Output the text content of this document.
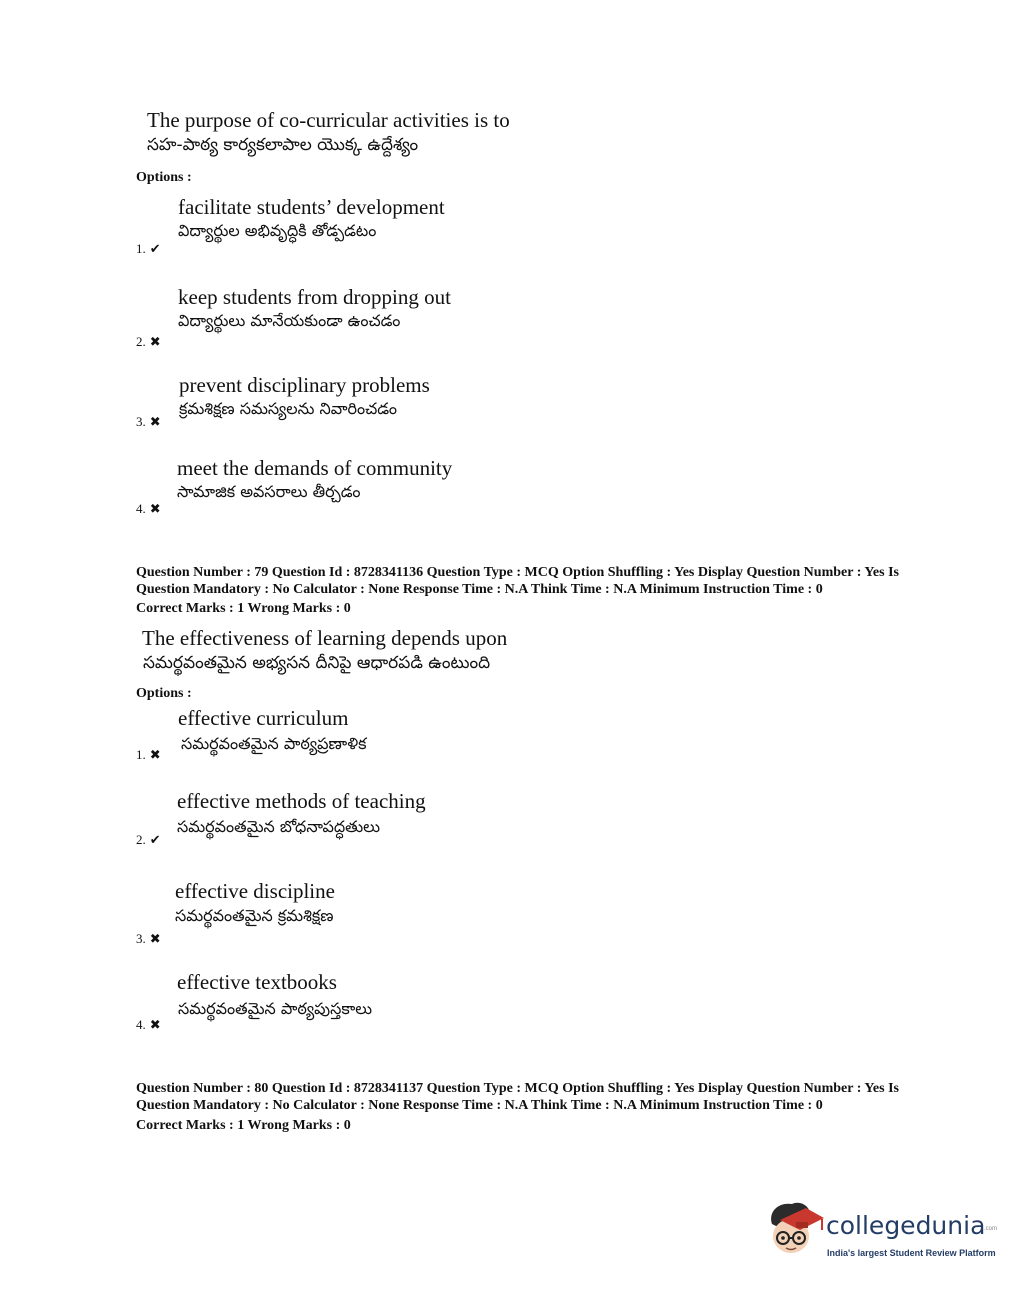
The purpose of co-curricular activities is to
సహ-పాఠ్య కార్యకలాపాల యొక్క ఉద్దేశ్యం
Options :
facilitate students’ development
విద్యార్థుల అభివృద్ధికి తోడ్పడటం
1. ✔
keep students from dropping out
విద్యార్థులు మానేయకుండా ఉంచడం
2. ✖
prevent disciplinary problems
క్రమశిక్షణ సమస్యలను నివారించడం
3. ✖
meet the demands of community
సామాజిక అవసరాలు తీర్చడం
4. ✖
Question Number : 79 Question Id : 8728341136 Question Type : MCQ Option Shuffling : Yes Display Question Number : Yes Is Question Mandatory : No Calculator : None Response Time : N.A Think Time : N.A Minimum Instruction Time : 0
Correct Marks : 1 Wrong Marks : 0
The effectiveness of learning depends upon
సమర్థవంతమైన అభ్యసన దీనిపై ఆధారపడి ఉంటుంది
Options :
effective curriculum
సమర్థవంతమైన పాఠ్యప్రణాళిక
1. ✖
effective methods of teaching
సమర్థవంతమైన బోధనాపద్ధతులు
2. ✔
effective discipline
సమర్థవంతమైన క్రమశిక్షణ
3. ✖
effective textbooks
సమర్థవంతమైన పాఠ్యపుస్తకాలు
4. ✖
Question Number : 80 Question Id : 8728341137 Question Type : MCQ Option Shuffling : Yes Display Question Number : Yes Is Question Mandatory : No Calculator : None Response Time : N.A Think Time : N.A Minimum Instruction Time : 0
Correct Marks : 1 Wrong Marks : 0
collegedunia
.com
India's largest Student Review Platform
